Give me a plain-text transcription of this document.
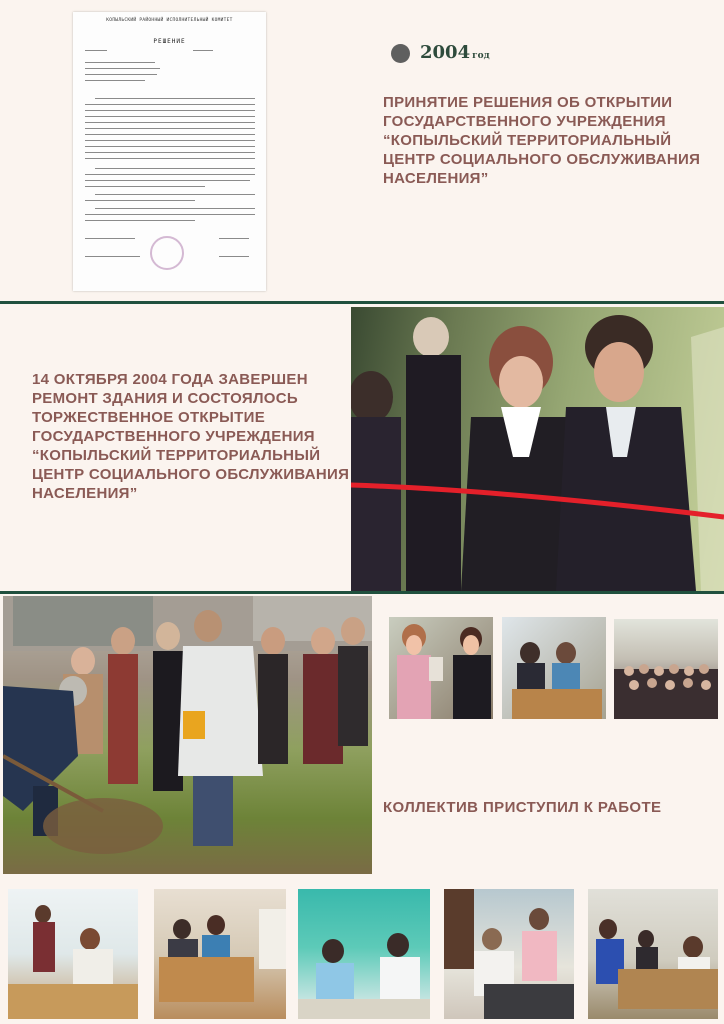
КОПЫЛЬСКИЙ РАЙОННЫЙ ИСПОЛНИТЕЛЬНЫЙ КОМИТЕТ
РЕШЕНИЕ
2004 год
ПРИНЯТИЕ РЕШЕНИЯ ОБ ОТКРЫТИИ ГОСУДАРСТВЕННОГО УЧРЕЖДЕНИЯ “КОПЫЛЬСКИЙ ТЕРРИТОРИАЛЬНЫЙ ЦЕНТР СОЦИАЛЬНОГО ОБСЛУЖИВАНИЯ НАСЕЛЕНИЯ”
14 ОКТЯБРЯ 2004 ГОДА ЗАВЕРШЕН РЕМОНТ ЗДАНИЯ И СОСТОЯЛОСЬ ТОРЖЕСТВЕННОЕ ОТКРЫТИЕ ГОСУДАРСТВЕННОГО УЧРЕЖДЕНИЯ “КОПЫЛЬСКИЙ ТЕРРИТОРИАЛЬНЫЙ ЦЕНТР СОЦИАЛЬНОГО ОБСЛУЖИВАНИЯ НАСЕЛЕНИЯ”
КОЛЛЕКТИВ ПРИСТУПИЛ К РАБОТЕ
